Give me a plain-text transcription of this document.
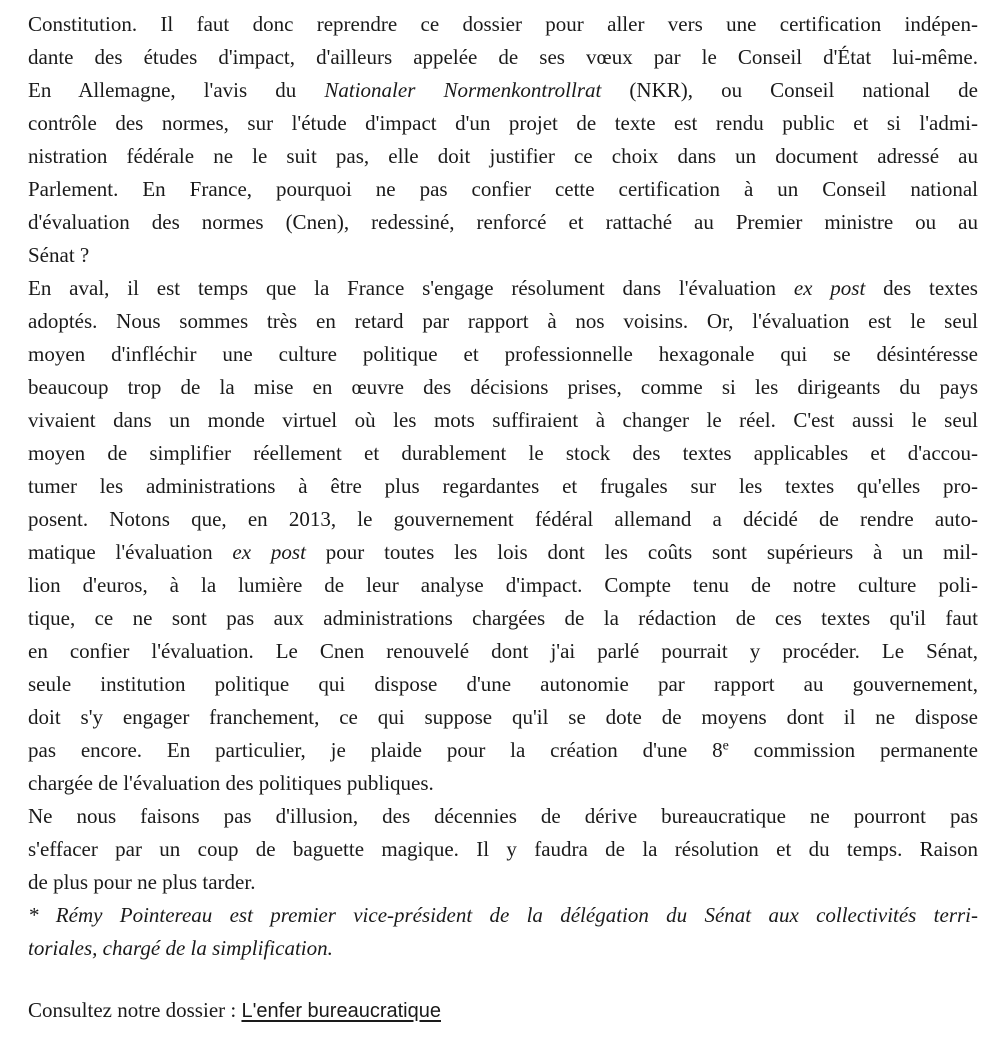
Constitution. Il faut donc reprendre ce dossier pour aller vers une certification indépen-
dante des études d'impact, d'ailleurs appelée de ses vœux par le Conseil d'État lui-même.
En Allemagne, l'avis du Nationaler Normenkontrollrat (NKR), ou Conseil national de
contrôle des normes, sur l'étude d'impact d'un projet de texte est rendu public et si l'admi-
nistration fédérale ne le suit pas, elle doit justifier ce choix dans un document adressé au
Parlement. En France, pourquoi ne pas confier cette certification à un Conseil national
d'évaluation des normes (Cnen), redessiné, renforcé et rattaché au Premier ministre ou au
Sénat ?
En aval, il est temps que la France s'engage résolument dans l'évaluation ex post des textes
adoptés. Nous sommes très en retard par rapport à nos voisins. Or, l'évaluation est le seul
moyen d'infléchir une culture politique et professionnelle hexagonale qui se désintéresse
beaucoup trop de la mise en œuvre des décisions prises, comme si les dirigeants du pays
vivaient dans un monde virtuel où les mots suffiraient à changer le réel. C'est aussi le seul
moyen de simplifier réellement et durablement le stock des textes applicables et d'accou-
tumer les administrations à être plus regardantes et frugales sur les textes qu'elles pro-
posent. Notons que, en 2013, le gouvernement fédéral allemand a décidé de rendre auto-
matique l'évaluation ex post pour toutes les lois dont les coûts sont supérieurs à un mil-
lion d'euros, à la lumière de leur analyse d'impact. Compte tenu de notre culture poli-
tique, ce ne sont pas aux administrations chargées de la rédaction de ces textes qu'il faut
en confier l'évaluation. Le Cnen renouvelé dont j'ai parlé pourrait y procéder. Le Sénat,
seule institution politique qui dispose d'une autonomie par rapport au gouvernement,
doit s'y engager franchement, ce qui suppose qu'il se dote de moyens dont il ne dispose
pas encore. En particulier, je plaide pour la création d'une 8e commission permanente
chargée de l'évaluation des politiques publiques.
Ne nous faisons pas d'illusion, des décennies de dérive bureaucratique ne pourront pas
s'effacer par un coup de baguette magique. Il y faudra de la résolution et du temps. Raison
de plus pour ne plus tarder.
* Rémy Pointereau est premier vice-président de la délégation du Sénat aux collectivités terri-
toriales, chargé de la simplification.
Consultez notre dossier : L'enfer bureaucratique
